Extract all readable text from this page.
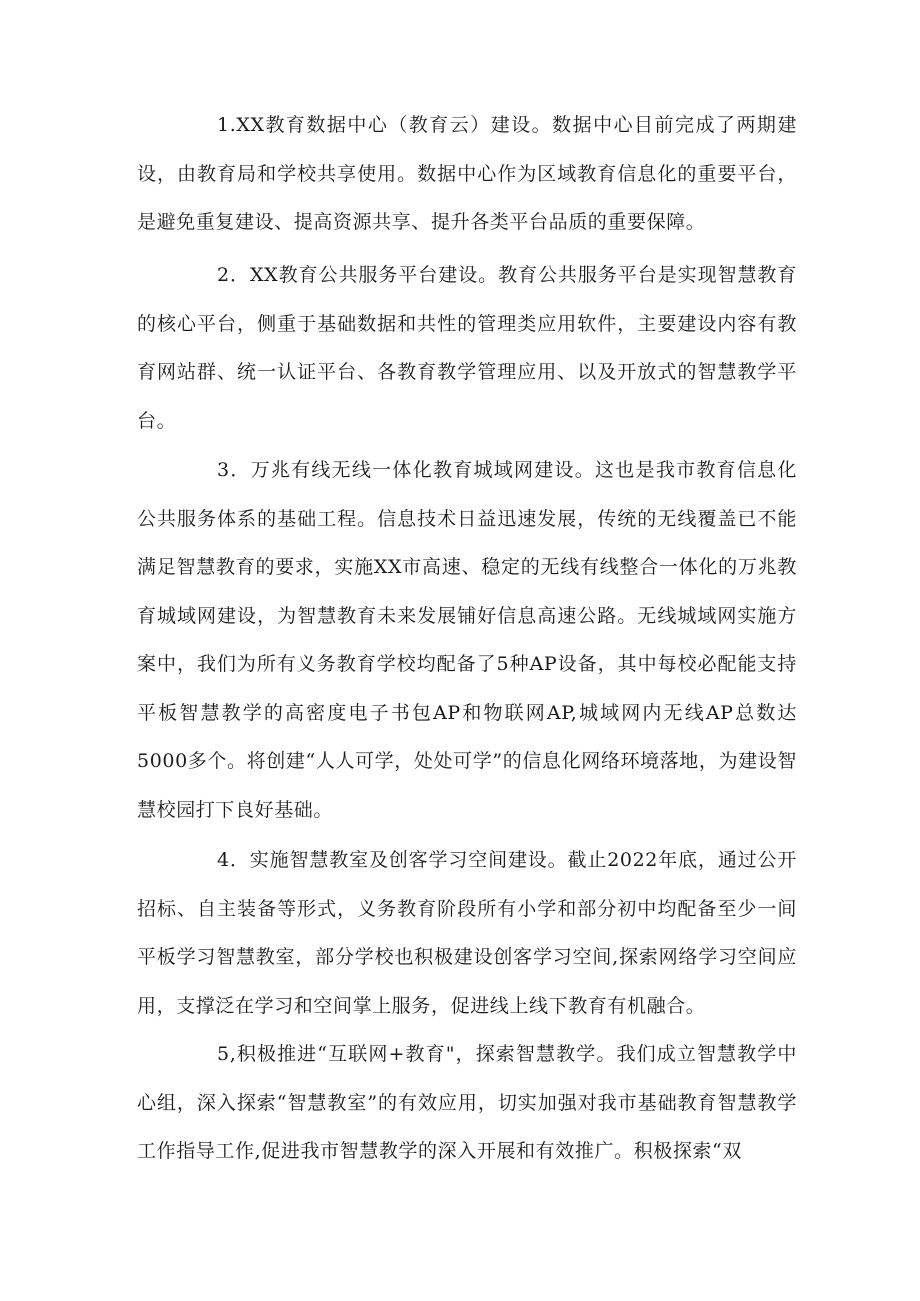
1.XX教育数据中心（教育云）建设。数据中心目前完成了两期建设，由教育局和学校共享使用。数据中心作为区域教育信息化的重要平台，是避免重复建设、提高资源共享、提升各类平台品质的重要保障。

2．XX教育公共服务平台建设。教育公共服务平台是实现智慧教育的核心平台，侧重于基础数据和共性的管理类应用软件，主要建设内容有教育网站群、统一认证平台、各教育教学管理应用、以及开放式的智慧教学平台。

3．万兆有线无线一体化教育城域网建设。这也是我市教育信息化公共服务体系的基础工程。信息技术日益迅速发展，传统的无线覆盖已不能满足智慧教育的要求，实施XX市高速、稳定的无线有线整合一体化的万兆教育城域网建设，为智慧教育未来发展铺好信息高速公路。无线城域网实施方案中，我们为所有义务教育学校均配备了5种AP设备，其中每校必配能支持平板智慧教学的高密度电子书包AP和物联网AP,城域网内无线AP总数达5000多个。将创建“人人可学，处处可学”的信息化网络环境落地，为建设智慧校园打下良好基础。

4．实施智慧教室及创客学习空间建设。截止2022年底，通过公开招标、自主装备等形式，义务教育阶段所有小学和部分初中均配备至少一间平板学习智慧教室，部分学校也积极建设创客学习空间,探索网络学习空间应用，支撑泛在学习和空间掌上服务，促进线上线下教育有机融合。

5,积极推进“互联网+教育"，探索智慧教学。我们成立智慧教学中心组，深入探索“智慧教室”的有效应用，切实加强对我市基础教育智慧教学工作指导工作,促进我市智慧教学的深入开展和有效推广。积极探索“双
